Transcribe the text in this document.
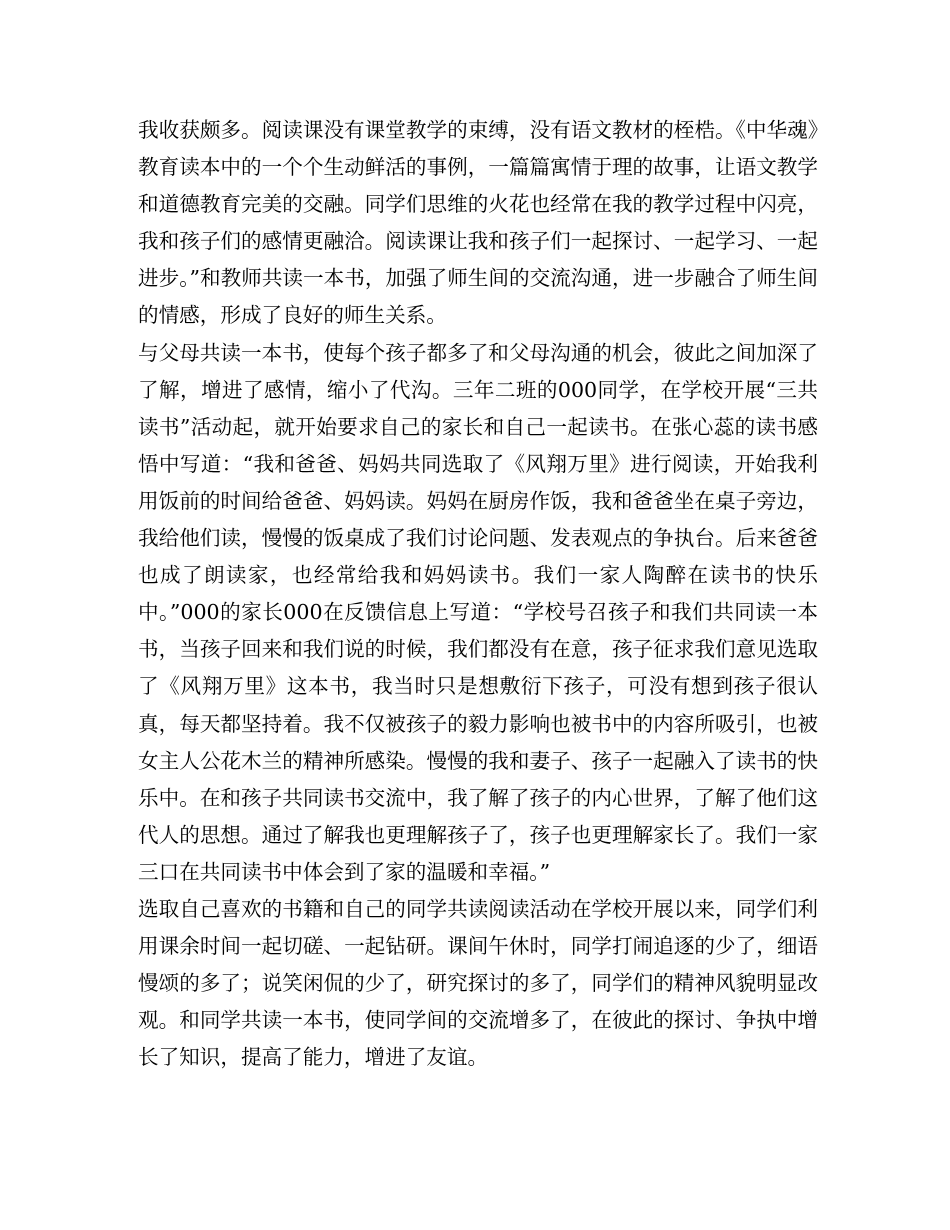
我收获颇多。阅读课没有课堂教学的束缚，没有语文教材的桎梏。《中华魂》教育读本中的一个个生动鲜活的事例，一篇篇寓情于理的故事，让语文教学和道德教育完美的交融。同学们思维的火花也经常在我的教学过程中闪亮，我和孩子们的感情更融洽。阅读课让我和孩子们一起探讨、一起学习、一起进步。”和教师共读一本书，加强了师生间的交流沟通，进一步融合了师生间的情感，形成了良好的师生关系。

与父母共读一本书，使每个孩子都多了和父母沟通的机会，彼此之间加深了了解，增进了感情，缩小了代沟。三年二班的000同学，在学校开展“三共读书”活动起，就开始要求自己的家长和自己一起读书。在张心蕊的读书感悟中写道：“我和爸爸、妈妈共同选取了《风翔万里》进行阅读，开始我利用饭前的时间给爸爸、妈妈读。妈妈在厨房作饭，我和爸爸坐在桌子旁边，我给他们读，慢慢的饭桌成了我们讨论问题、发表观点的争执台。后来爸爸也成了朗读家，也经常给我和妈妈读书。我们一家人陶醉在读书的快乐中。”000的家长000在反馈信息上写道：“学校号召孩子和我们共同读一本书，当孩子回来和我们说的时候，我们都没有在意，孩子征求我们意见选取了《风翔万里》这本书，我当时只是想敷衍下孩子，可没有想到孩子很认真，每天都坚持着。我不仅被孩子的毅力影响也被书中的内容所吸引，也被女主人公花木兰的精神所感染。慢慢的我和妻子、孩子一起融入了读书的快乐中。在和孩子共同读书交流中，我了解了孩子的内心世界，了解了他们这代人的思想。通过了解我也更理解孩子了，孩子也更理解家长了。我们一家三口在共同读书中体会到了家的温暖和幸福。”

选取自己喜欢的书籍和自己的同学共读阅读活动在学校开展以来，同学们利用课余时间一起切磋、一起钻研。课间午休时，同学打闹追逐的少了，细语慢颂的多了；说笑闲侃的少了，研究探讨的多了，同学们的精神风貌明显改观。和同学共读一本书，使同学间的交流增多了，在彼此的探讨、争执中增长了知识，提高了能力，增进了友谊。
